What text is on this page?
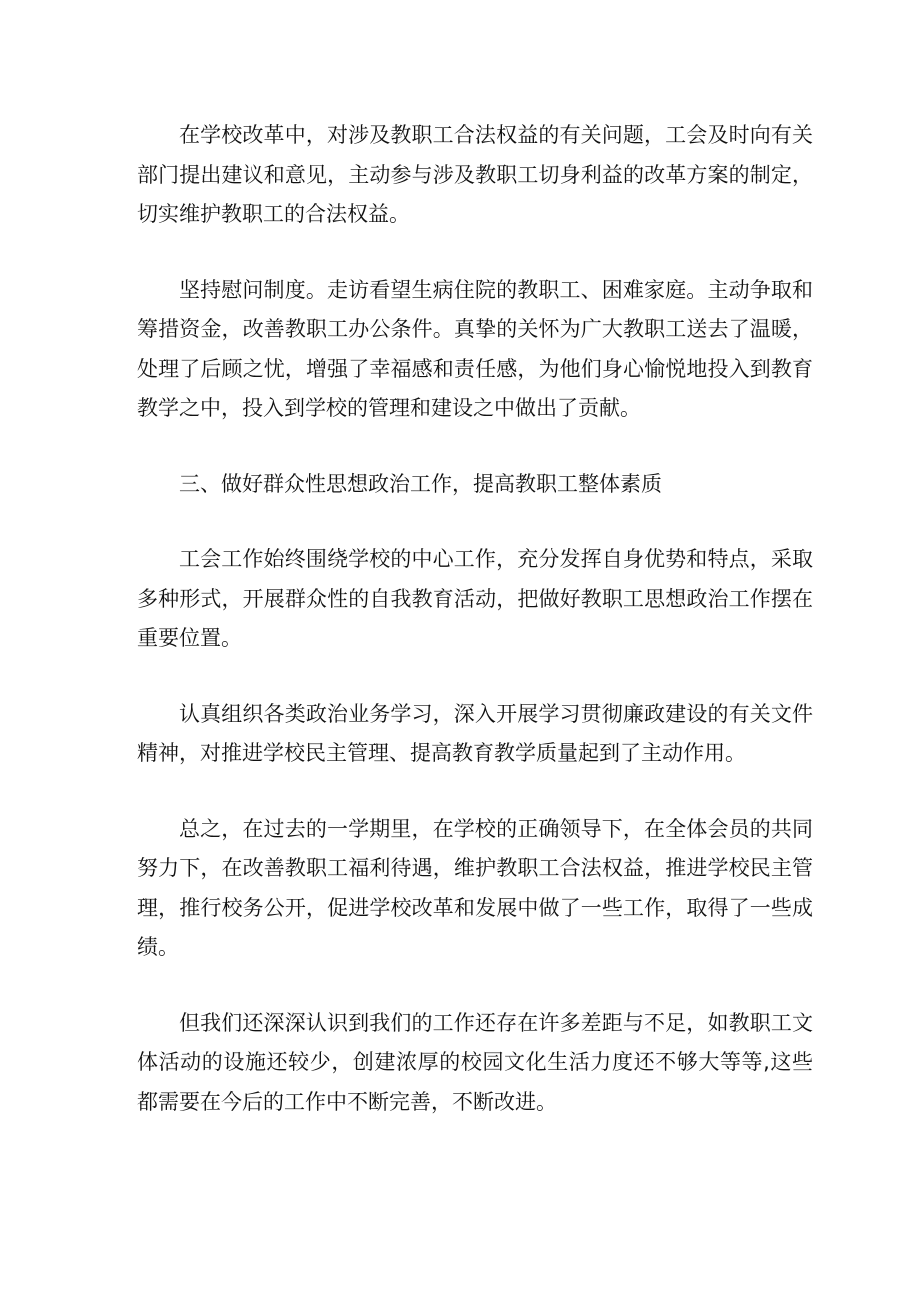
在学校改革中，对涉及教职工合法权益的有关问题，工会及时向有关部门提出建议和意见，主动参与涉及教职工切身利益的改革方案的制定，切实维护教职工的合法权益。

坚持慰问制度。走访看望生病住院的教职工、困难家庭。主动争取和筹措资金，改善教职工办公条件。真挚的关怀为广大教职工送去了温暖，处理了后顾之忧，增强了幸福感和责任感，为他们身心愉悦地投入到教育教学之中，投入到学校的管理和建设之中做出了贡献。

三、做好群众性思想政治工作，提高教职工整体素质

工会工作始终围绕学校的中心工作，充分发挥自身优势和特点，采取多种形式，开展群众性的自我教育活动，把做好教职工思想政治工作摆在重要位置。

认真组织各类政治业务学习，深入开展学习贯彻廉政建设的有关文件精神，对推进学校民主管理、提高教育教学质量起到了主动作用。

总之，在过去的一学期里，在学校的正确领导下，在全体会员的共同努力下，在改善教职工福利待遇，维护教职工合法权益，推进学校民主管理，推行校务公开，促进学校改革和发展中做了一些工作，取得了一些成绩。

但我们还深深认识到我们的工作还存在许多差距与不足，如教职工文体活动的设施还较少，创建浓厚的校园文化生活力度还不够大等等,这些都需要在今后的工作中不断完善，不断改进。
